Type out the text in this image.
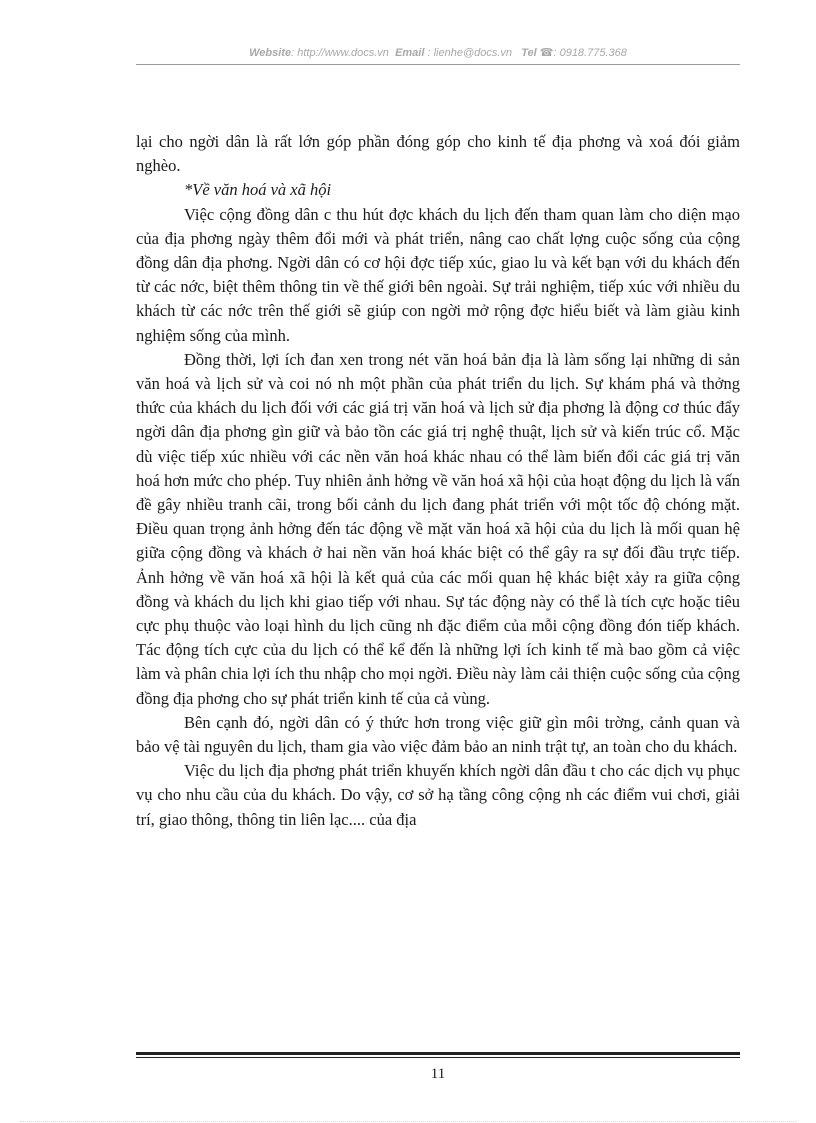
Website: http://www.docs.vn Email : lienhe@docs.vn Tel ☎: 0918.775.368

lại cho ngời dân là rất lớn góp phần đóng góp cho kinh tế địa phơng và xoá đói giảm nghèo.

*Về văn hoá và xã hội

Việc cộng đồng dân c thu hút đợc khách du lịch đến tham quan làm cho diện mạo của địa phơng ngày thêm đổi mới và phát triển, nâng cao chất lợng cuộc sống của cộng đồng dân địa phơng. Ngời dân có cơ hội đợc tiếp xúc, giao lu và kết bạn với du khách đến từ các nớc, biệt thêm thông tin về thế giới bên ngoài. Sự trải nghiệm, tiếp xúc với nhiều du khách từ các nớc trên thế giới sẽ giúp con ngời mở rộng đợc hiểu biết và làm giàu kinh nghiệm sống của mình.

Đồng thời, lợi ích đan xen trong nét văn hoá bản địa là làm sống lại những di sản văn hoá và lịch sử và coi nó nh một phần của phát triển du lịch. Sự khám phá và thởng thức của khách du lịch đối với các giá trị văn hoá và lịch sử địa phơng là động cơ thúc đẩy ngời dân địa phơng gìn giữ và bảo tồn các giá trị nghệ thuật, lịch sử và kiến trúc cổ. Mặc dù việc tiếp xúc nhiều với các nền văn hoá khác nhau có thể làm biến đổi các giá trị văn hoá hơn mức cho phép. Tuy nhiên ảnh hởng về văn hoá xã hội của hoạt động du lịch là vấn đề gây nhiều tranh cãi, trong bối cảnh du lịch đang phát triển với một tốc độ chóng mặt. Điều quan trọng ảnh hởng đến tác động về mặt văn hoá xã hội của du lịch là mối quan hệ giữa cộng đồng và khách ở hai nền văn hoá khác biệt có thể gây ra sự đối đầu trực tiếp. Ảnh hởng về văn hoá xã hội là kết quả của các mối quan hệ khác biệt xảy ra giữa cộng đồng và khách du lịch khi giao tiếp với nhau. Sự tác động này có thể là tích cực hoặc tiêu cực phụ thuộc vào loại hình du lịch cũng nh đặc điểm của mỗi cộng đồng đón tiếp khách. Tác động tích cực của du lịch có thể kể đến là những lợi ích kinh tế mà bao gồm cả việc làm và phân chia lợi ích thu nhập cho mọi ngời. Điều này làm cải thiện cuộc sống của cộng đồng địa phơng cho sự phát triển kinh tế của cả vùng.

Bên cạnh đó, ngời dân có ý thức hơn trong việc giữ gìn môi trờng, cảnh quan và bảo vệ tài nguyên du lịch, tham gia vào việc đảm bảo an ninh trật tự, an toàn cho du khách.

Việc du lịch địa phơng phát triển khuyến khích ngời dân đầu t cho các dịch vụ phục vụ cho nhu cầu của du khách. Do vậy, cơ sở hạ tầng công cộng nh các điểm vui chơi, giải trí, giao thông, thông tin liên lạc.... của địa

11
